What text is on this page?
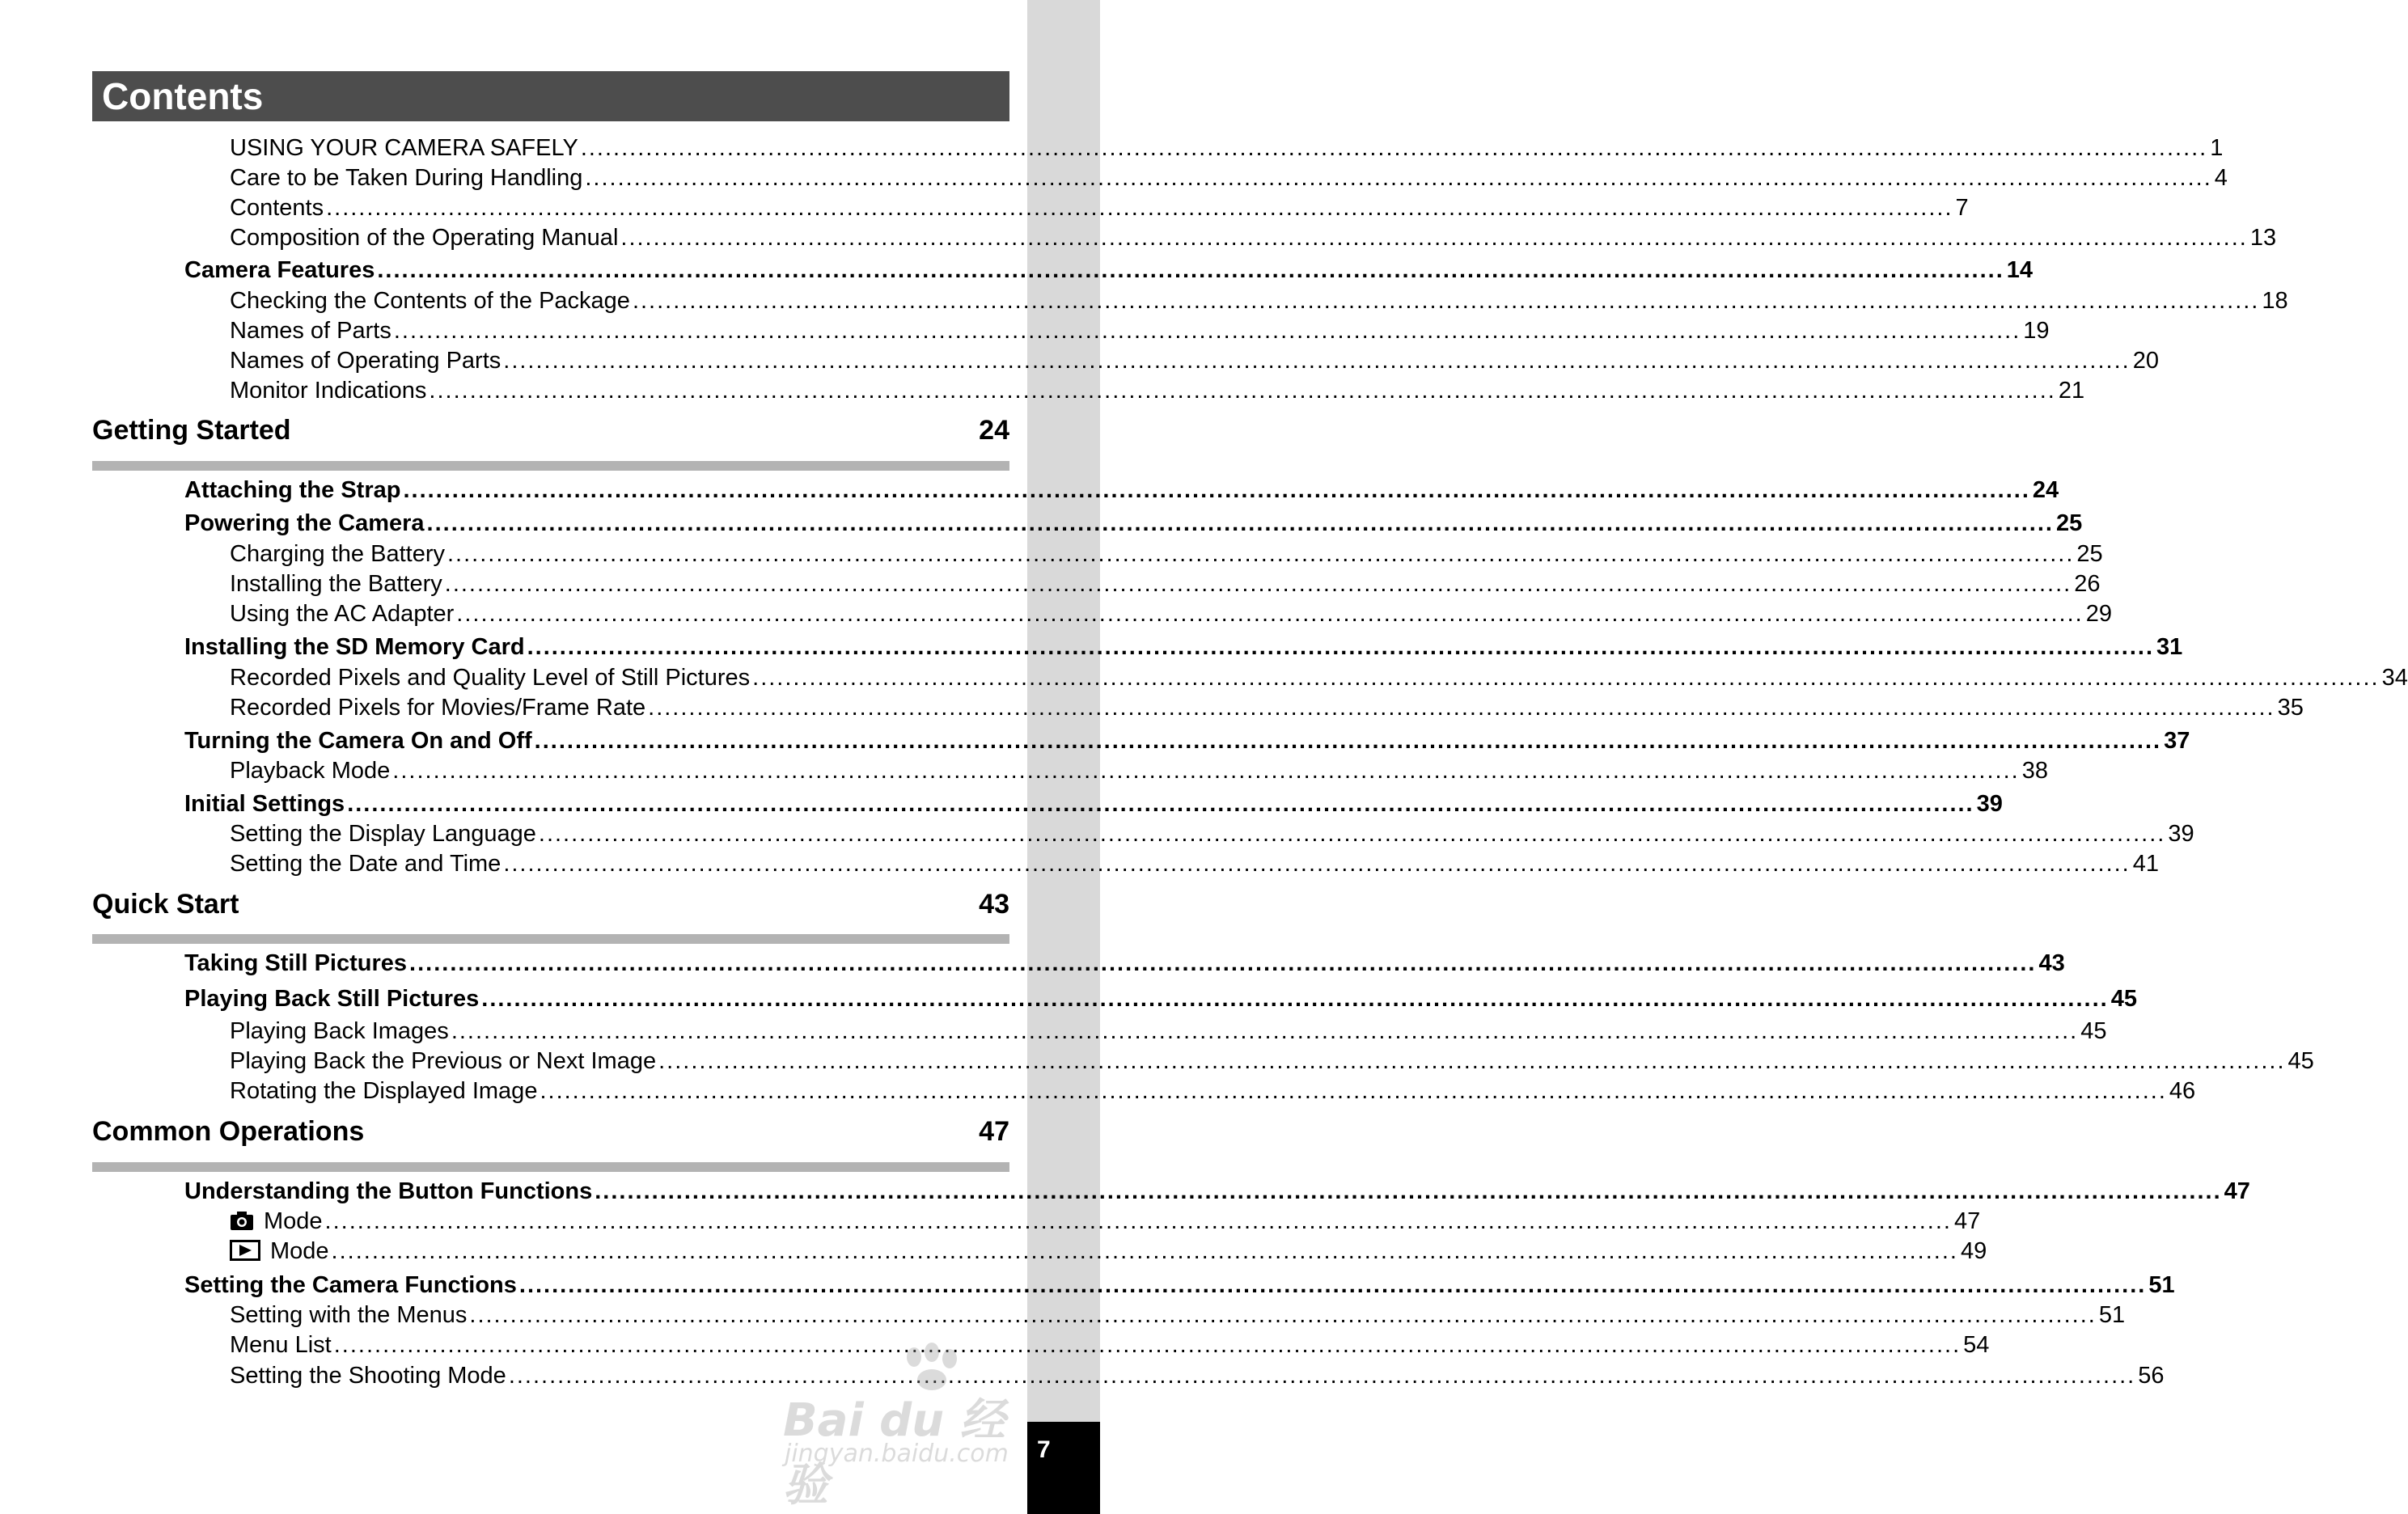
7
Contents
USING YOUR CAMERA SAFELY ........................................................................................................................................................................................................ 1
Care to be Taken During Handling ........................................................................................................................................................................................................ 4
Contents ........................................................................................................................................................................................................ 7
Composition of the Operating Manual ........................................................................................................................................................................................................ 13
Camera Features ........................................................................................................................................................................................................ 14
Checking the Contents of the Package ........................................................................................................................................................................................................ 18
Names of Parts ........................................................................................................................................................................................................ 19
Names of Operating Parts ........................................................................................................................................................................................................ 20
Monitor Indications ........................................................................................................................................................................................................ 21
Getting Started	24
Attaching the Strap ........................................................................................................................................................................................................ 24
Powering the Camera ........................................................................................................................................................................................................ 25
Charging the Battery ........................................................................................................................................................................................................ 25
Installing the Battery ........................................................................................................................................................................................................ 26
Using the AC Adapter ........................................................................................................................................................................................................ 29
Installing the SD Memory Card ........................................................................................................................................................................................................ 31
Recorded Pixels and Quality Level of Still Pictures ........................................................................................................................................................................................................ 34
Recorded Pixels for Movies/Frame Rate ........................................................................................................................................................................................................ 35
Turning the Camera On and Off ........................................................................................................................................................................................................ 37
Playback Mode ........................................................................................................................................................................................................ 38
Initial Settings ........................................................................................................................................................................................................ 39
Setting the Display Language ........................................................................................................................................................................................................ 39
Setting the Date and Time ........................................................................................................................................................................................................ 41
Quick Start	43
Taking Still Pictures ........................................................................................................................................................................................................ 43
Playing Back Still Pictures ........................................................................................................................................................................................................ 45
Playing Back Images ........................................................................................................................................................................................................ 45
Playing Back the Previous or Next Image ........................................................................................................................................................................................................ 45
Rotating the Displayed Image ........................................................................................................................................................................................................ 46
Common Operations	47
Understanding the Button Functions ........................................................................................................................................................................................................ 47
Mode ........................................................................................................................................................................................................ 47
Mode ........................................................................................................................................................................................................ 49
Setting the Camera Functions ........................................................................................................................................................................................................ 51
Setting with the Menus ........................................................................................................................................................................................................ 51
Menu List ........................................................................................................................................................................................................ 54
Setting the Shooting Mode ........................................................................................................................................................................................................ 56
Bai du 经验
jingyan.baidu.com
